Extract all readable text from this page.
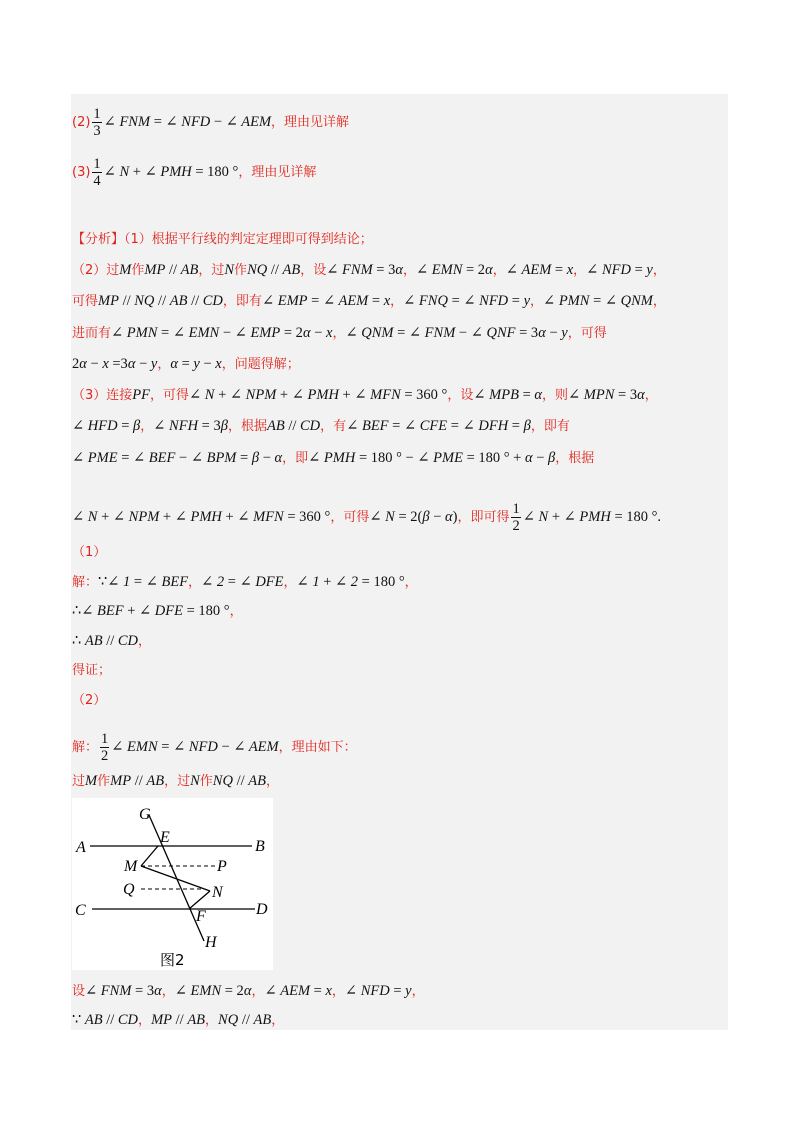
$(2) \frac{1}{3}$ ∠ FNM = ∠ NFD − ∠ AEM，理由见详解
$(3) \frac{1}{4}$ ∠ N + ∠ PMH = 180 °，理由见详解
【分析】（1）根据平行线的判定定理即可得到结论；
（2）过M作MP // AB，过N作NQ // AB，设∠ FNM = 3α，∠ EMN = 2α，∠ AEM = x，∠ NFD = y，
可得MP // NQ // AB // CD，即有∠ EMP = ∠ AEM = x，∠ FNQ = ∠ NFD = y，∠ PMN = ∠ QNM，
进而有∠ PMN = ∠ EMN − ∠ EMP = 2α − x，∠ QNM = ∠ FNM − ∠ QNF = 3α − y，可得
2α − x =3α − y，α = y − x，问题得解；
（3）连接PF，可得∠ N + ∠ NPM + ∠ PMH + ∠ MFN = 360 °，设∠ MPB = α，则∠ MPN = 3α，
∠ HFD = β，∠ NFH = 3β，根据AB // CD，有∠ BEF = ∠ CFE = ∠ DFH = β，即有
∠ PME = ∠ BEF − ∠ BPM = β − α，即∠ PMH = 180 ° − ∠ PME = 180 ° + α − β，根据
∠ N + ∠ NPM + ∠ PMH + ∠ MFN = 360 °，可得∠ N = 2(β − α)，即可得 $\frac{1}{2}$ ∠ N + ∠ PMH = 180 °.
（1）
解：∵∠ 1 = ∠ BEF，∠ 2 = ∠ DFE，∠ 1 + ∠ 2 = 180 °，
∴∠ BEF + ∠ DFE = 180 °，
∴ AB // CD，
得证；
（2）
解： $\frac{1}{2}$ ∠ EMN = ∠ NFD − ∠ AEM，理由如下：
过M作MP // AB，过N作NQ // AB，
设∠ FNM = 3α，∠ EMN = 2α，∠ AEM = x，∠ NFD = y，
∵ AB // CD，MP // AB，NQ // AB，
G
E
A	B
M	P
Q	N
C	D
F
H
图2
